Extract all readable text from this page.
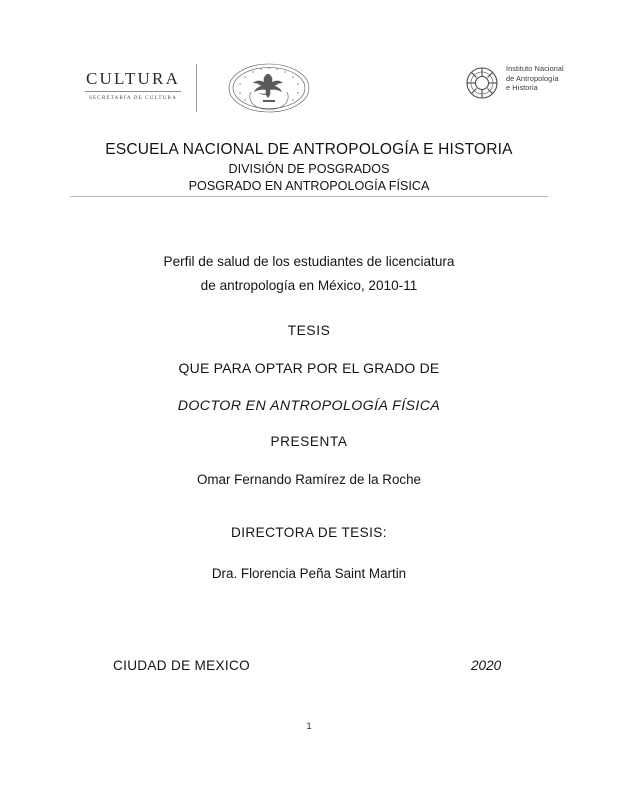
CULTURA
SECRETARÍA DE CULTURA
Instituto Nacional
de Antropología
e Historia
ESCUELA NACIONAL DE ANTROPOLOGÍA E HISTORIA
DIVISIÓN DE POSGRADOS
POSGRADO EN ANTROPOLOGÍA FÍSICA
Perfil de salud de los estudiantes de licenciatura
de antropología en México, 2010-11
TESIS
QUE PARA OPTAR POR EL GRADO DE
DOCTOR EN ANTROPOLOGÍA FÍSICA
PRESENTA
Omar Fernando Ramírez de la Roche
DIRECTORA DE TESIS:
Dra. Florencia Peña Saint Martin
CIUDAD DE MEXICO	2020
1
